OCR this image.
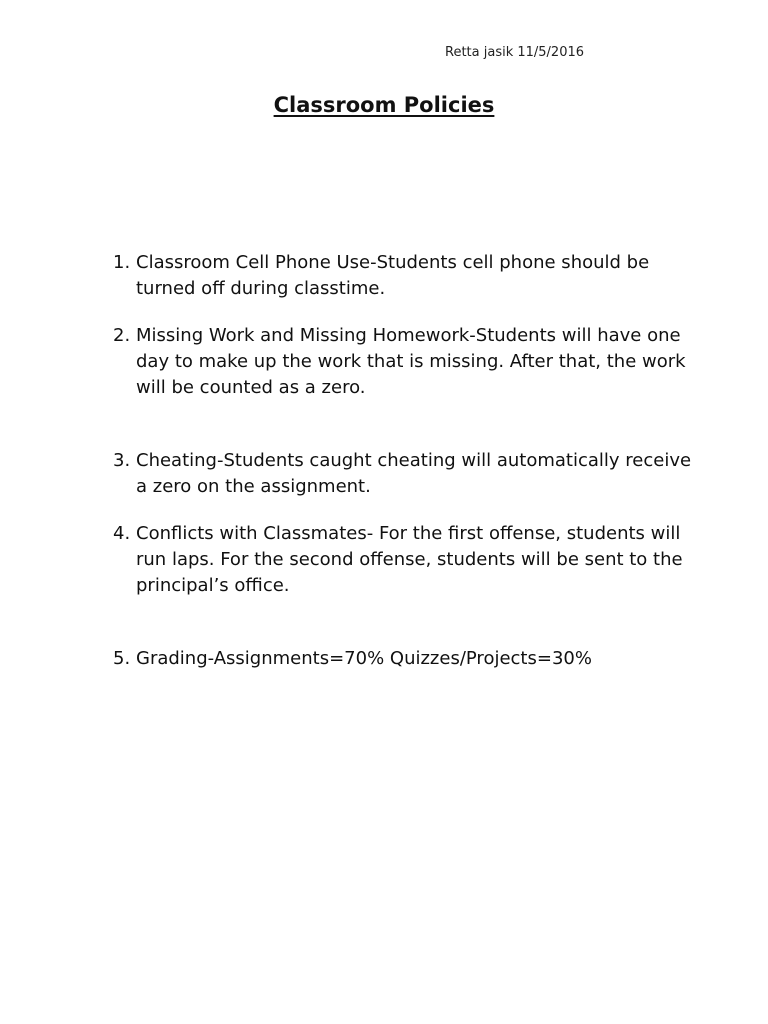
Retta jasik 11/5/2016
Classroom Policies
1. Classroom Cell Phone Use-Students cell phone should be turned off during classtime.
2. Missing Work and Missing Homework-Students will have one day to make up the work that is missing. After that, the work will be counted as a zero.
3. Cheating-Students caught cheating will automatically receive a zero on the assignment.
4. Conflicts with Classmates- For the first offense, students will run laps. For the second offense, students will be sent to the principal’s office.
5. Grading-Assignments=70% Quizzes/Projects=30%
